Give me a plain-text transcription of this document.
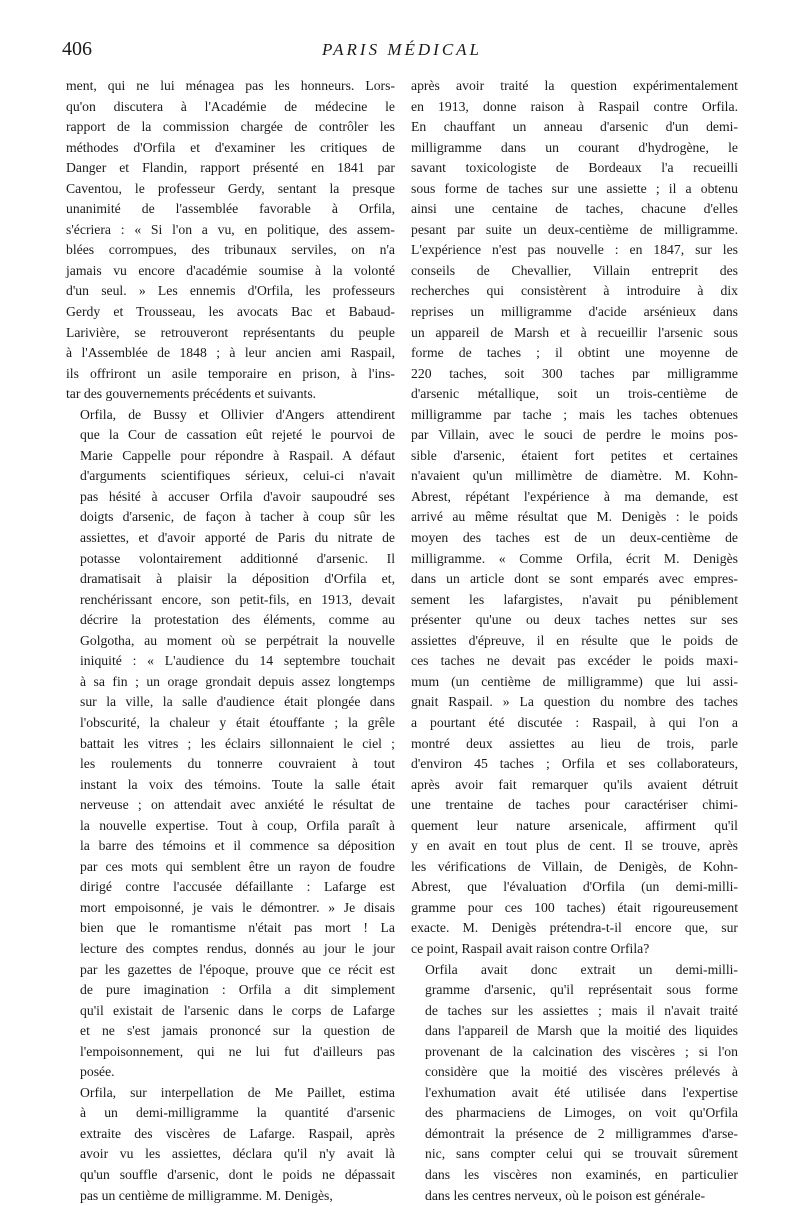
406	PARIS MÉDICAL

ment, qui ne lui ménagea pas les honneurs. Lors-
qu'on discutera à l'Académie de médecine le
rapport de la commission chargée de contrôler les
méthodes d'Orfila et d'examiner les critiques de
Danger et Flandin, rapport présenté en 1841 par
Caventou, le professeur Gerdy, sentant la presque
unanimité de l'assemblée favorable à Orfila,
s'écriera : « Si l'on a vu, en politique, des assem-
blées corrompues, des tribunaux serviles, on n'a
jamais vu encore d'académie soumise à la volonté
d'un seul. » Les ennemis d'Orfila, les professeurs
Gerdy et Trousseau, les avocats Bac et Babaud-
Larivière, se retrouveront représentants du peuple
à l'Assemblée de 1848 ; à leur ancien ami Raspail,
ils offriront un asile temporaire en prison, à l'ins-
tar des gouvernements précédents et suivants.

Orfila, de Bussy et Ollivier d'Angers attendirent
que la Cour de cassation eût rejeté le pourvoi de
Marie Cappelle pour répondre à Raspail. A défaut
d'arguments scientifiques sérieux, celui-ci n'avait
pas hésité à accuser Orfila d'avoir saupoudré ses
doigts d'arsenic, de façon à tacher à coup sûr les
assiettes, et d'avoir apporté de Paris du nitrate de
potasse volontairement additionné d'arsenic. Il
dramatisait à plaisir la déposition d'Orfila et,
renchérissant encore, son petit-fils, en 1913, devait
décrire la protestation des éléments, comme au
Golgotha, au moment où se perpétrait la nouvelle
iniquité : « L'audience du 14 septembre touchait
à sa fin ; un orage grondait depuis assez longtemps
sur la ville, la salle d'audience était plongée dans
l'obscurité, la chaleur y était étouffante ; la grêle
battait les vitres ; les éclairs sillonnaient le ciel ;
les roulements du tonnerre couvraient à tout
instant la voix des témoins. Toute la salle était
nerveuse ; on attendait avec anxiété le résultat de
la nouvelle expertise. Tout à coup, Orfila paraît à
la barre des témoins et il commence sa déposition
par ces mots qui semblent être un rayon de foudre
dirigé contre l'accusée défaillante : Lafarge est
mort empoisonné, je vais le démontrer. » Je disais
bien que le romantisme n'était pas mort ! La
lecture des comptes rendus, donnés au jour le jour
par les gazettes de l'époque, prouve que ce récit est
de pure imagination : Orfila a dit simplement
qu'il existait de l'arsenic dans le corps de Lafarge
et ne s'est jamais prononcé sur la question de
l'empoisonnement, qui ne lui fut d'ailleurs pas
posée.

Orfila, sur interpellation de Me Paillet, estima
à un demi-milligramme la quantité d'arsenic
extraite des viscères de Lafarge. Raspail, après
avoir vu les assiettes, déclara qu'il n'y avait là
qu'un souffle d'arsenic, dont le poids ne dépassait
pas un centième de milligramme. M. Denigès,

après avoir traité la question expérimentalement
en 1913, donne raison à Raspail contre Orfila.
En chauffant un anneau d'arsenic d'un demi-
milligramme dans un courant d'hydrogène, le
savant toxicologiste de Bordeaux l'a recueilli
sous forme de taches sur une assiette ; il a obtenu
ainsi une centaine de taches, chacune d'elles
pesant par suite un deux-centième de milligramme.
L'expérience n'est pas nouvelle : en 1847, sur les
conseils de Chevallier, Villain entreprit des
recherches qui consistèrent à introduire à dix
reprises un milligramme d'acide arsénieux dans
un appareil de Marsh et à recueillir l'arsenic sous
forme de taches ; il obtint une moyenne de
220 taches, soit 300 taches par milligramme
d'arsenic métallique, soit un trois-centième de
milligramme par tache ; mais les taches obtenues
par Villain, avec le souci de perdre le moins pos-
sible d'arsenic, étaient fort petites et certaines
n'avaient qu'un millimètre de diamètre. M. Kohn-
Abrest, répétant l'expérience à ma demande, est
arrivé au même résultat que M. Denigès : le poids
moyen des taches est de un deux-centième de
milligramme. « Comme Orfila, écrit M. Denigès
dans un article dont se sont emparés avec empres-
sement les lafargistes, n'avait pu péniblement
présenter qu'une ou deux taches nettes sur ses
assiettes d'épreuve, il en résulte que le poids de
ces taches ne devait pas excéder le poids maxi-
mum (un centième de milligramme) que lui assi-
gnait Raspail. » La question du nombre des taches
a pourtant été discutée : Raspail, à qui l'on a
montré deux assiettes au lieu de trois, parle
d'environ 45 taches ; Orfila et ses collaborateurs,
après avoir fait remarquer qu'ils avaient détruit
une trentaine de taches pour caractériser chimi-
quement leur nature arsenicale, affirment qu'il
y en avait en tout plus de cent. Il se trouve, après
les vérifications de Villain, de Denigès, de Kohn-
Abrest, que l'évaluation d'Orfila (un demi-milli-
gramme pour ces 100 taches) était rigoureusement
exacte. M. Denigès prétendra-t-il encore que, sur
ce point, Raspail avait raison contre Orfila?

Orfila avait donc extrait un demi-milli-
gramme d'arsenic, qu'il représentait sous forme
de taches sur les assiettes ; mais il n'avait traité
dans l'appareil de Marsh que la moitié des liquides
provenant de la calcination des viscères ; si l'on
considère que la moitié des viscères prélevés à
l'exhumation avait été utilisée dans l'expertise
des pharmaciens de Limoges, on voit qu'Orfila
démontrait la présence de 2 milligrammes d'arse-
nic, sans compter celui qui se trouvait sûrement
dans les viscères non examinés, en particulier
dans les centres nerveux, où le poison est générale-
